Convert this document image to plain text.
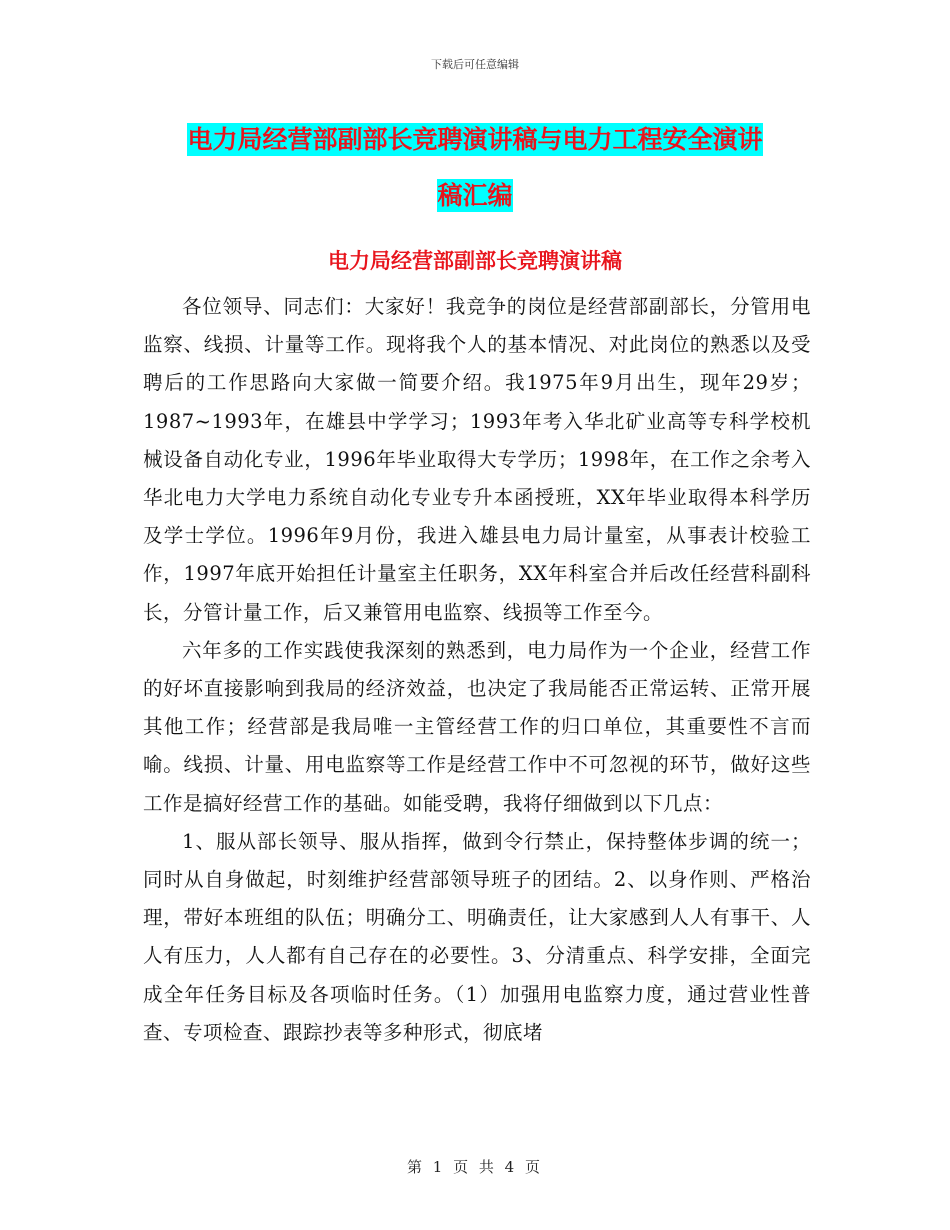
下载后可任意编辑
电力局经营部副部长竞聘演讲稿与电力工程安全演讲
稿汇编
电力局经营部副部长竞聘演讲稿

各位领导、同志们：大家好！我竞争的岗位是经营部副部长，分管用电监察、线损、计量等工作。现将我个人的基本情况、对此岗位的熟悉以及受聘后的工作思路向大家做一简要介绍。我1975年9月出生，现年29岁；1987~1993年，在雄县中学学习；1993年考入华北矿业高等专科学校机械设备自动化专业，1996年毕业取得大专学历；1998年，在工作之余考入华北电力大学电力系统自动化专业专升本函授班，XX年毕业取得本科学历及学士学位。1996年9月份，我进入雄县电力局计量室，从事表计校验工作，1997年底开始担任计量室主任职务，XX年科室合并后改任经营科副科长，分管计量工作，后又兼管用电监察、线损等工作至今。

六年多的工作实践使我深刻的熟悉到，电力局作为一个企业，经营工作的好坏直接影响到我局的经济效益，也决定了我局能否正常运转、正常开展其他工作；经营部是我局唯一主管经营工作的归口单位，其重要性不言而喻。线损、计量、用电监察等工作是经营工作中不可忽视的环节，做好这些工作是搞好经营工作的基础。如能受聘，我将仔细做到以下几点：

1、服从部长领导、服从指挥，做到令行禁止，保持整体步调的统一；同时从自身做起，时刻维护经营部领导班子的团结。2、以身作则、严格治理，带好本班组的队伍；明确分工、明确责任，让大家感到人人有事干、人人有压力，人人都有自己存在的必要性。3、分清重点、科学安排，全面完成全年任务目标及各项临时任务。（1）加强用电监察力度，通过营业性普查、专项检查、跟踪抄表等多种形式，彻底堵

第 1 页 共 4 页
